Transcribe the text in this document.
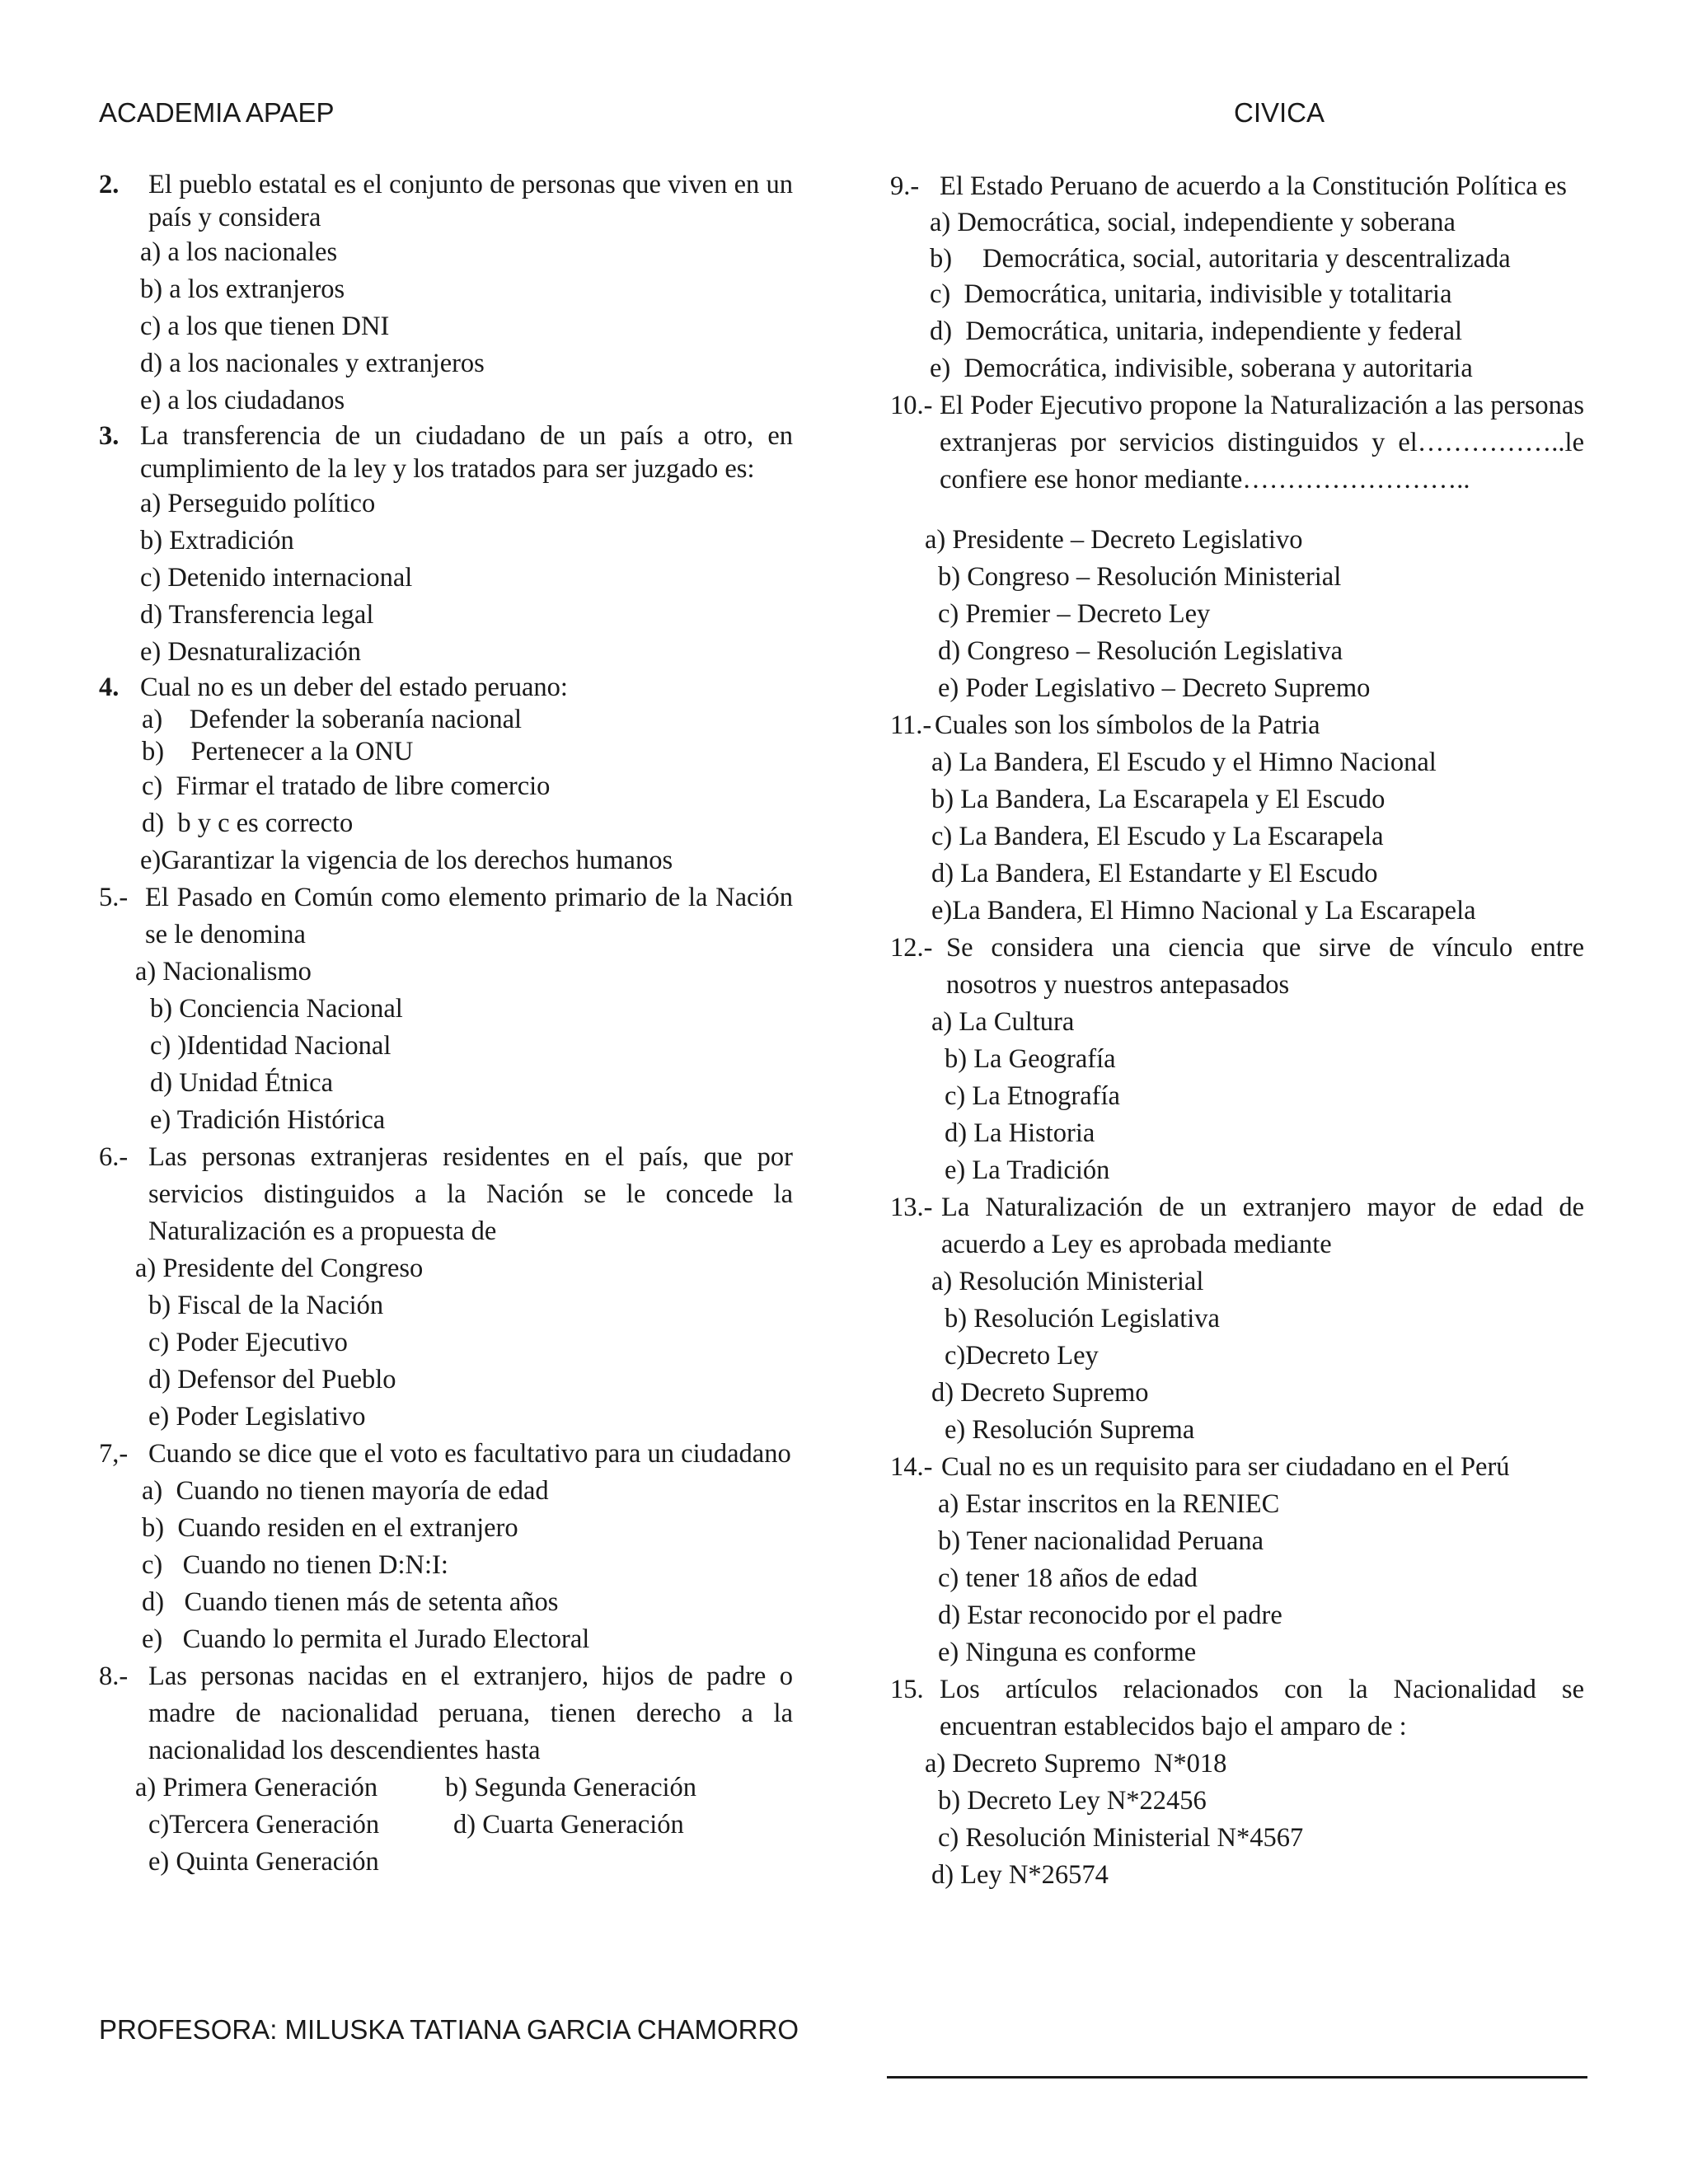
ACADEMIA APAEP	CIVICA
2.	El pueblo estatal es el conjunto de personas que viven en un país y considera
a) a los nacionales
b) a los extranjeros
c) a los que tienen DNI
d) a los nacionales y extranjeros
e) a los ciudadanos
3. La transferencia de un ciudadano de un país a otro, en cumplimiento de la ley y los tratados para ser juzgado es:
a) Perseguido político
b) Extradición
c) Detenido internacional
d) Transferencia legal
e) Desnaturalización
4. Cual no es un deber del estado peruano:
a)    Defender la soberanía nacional
b)    Pertenecer a la ONU
c)  Firmar el tratado de libre comercio
d)  b y c es correcto
e)Garantizar la vigencia de los derechos humanos
5.- El Pasado en Común como elemento primario de la Nación se le denomina
a) Nacionalismo
b) Conciencia Nacional
c) )Identidad Nacional
d) Unidad Étnica
e) Tradición Histórica
6.- Las personas extranjeras residentes en el país, que por servicios distinguidos a la Nación se le concede la Naturalización es a propuesta de
a) Presidente del Congreso
b) Fiscal de la Nación
c) Poder Ejecutivo
d) Defensor del Pueblo
e) Poder Legislativo
7,- Cuando se dice que el voto es facultativo para un ciudadano
a)  Cuando no tienen mayoría de edad
b)  Cuando residen en el extranjero
c)   Cuando no tienen D:N:I:
d)   Cuando tienen más de setenta años
e)   Cuando lo permita el Jurado Electoral
8.- Las personas nacidas en el extranjero, hijos de padre o madre de nacionalidad peruana, tienen derecho a la nacionalidad los descendientes hasta
a) Primera Generación	b) Segunda Generación
c)Tercera Generación	d) Cuarta Generación
e) Quinta Generación
9.- El Estado Peruano de acuerdo a la Constitución Política es
a) Democrática, social, independiente y soberana
b)	Democrática, social, autoritaria y descentralizada
c)  Democrática, unitaria, indivisible y totalitaria
d)  Democrática, unitaria, independiente y federal
e)  Democrática, indivisible, soberana y autoritaria
10.- El Poder Ejecutivo propone la Naturalización a las personas extranjeras por servicios distinguidos y el……………..le confiere ese honor mediante……………………..
a) Presidente – Decreto Legislativo
b) Congreso – Resolución Ministerial
c) Premier – Decreto Ley
d) Congreso – Resolución Legislativa
e) Poder Legislativo – Decreto Supremo
11.- Cuales son los símbolos de la Patria
a) La Bandera, El Escudo y el Himno Nacional
b) La Bandera, La Escarapela y El Escudo
c) La Bandera, El Escudo y La Escarapela
d) La Bandera, El Estandarte y El Escudo
e)La Bandera, El Himno Nacional y La Escarapela
12.- Se considera una ciencia que sirve de vínculo entre nosotros y nuestros antepasados
a) La Cultura
b) La Geografía
c) La Etnografía
d) La Historia
e) La Tradición
13.- La Naturalización de un extranjero mayor de edad de acuerdo a Ley es aprobada mediante
a) Resolución Ministerial
b) Resolución Legislativa
c)Decreto Ley
d) Decreto Supremo
e) Resolución Suprema
14.- Cual no es un requisito para ser ciudadano en el Perú
a) Estar inscritos en la RENIEC
b) Tener nacionalidad Peruana
c) tener 18 años de edad
d) Estar reconocido por el padre
e) Ninguna es conforme
15. Los artículos relacionados con la Nacionalidad se encuentran establecidos bajo el amparo de :
a) Decreto Supremo  N*018
b) Decreto Ley N*22456
c) Resolución Ministerial N*4567
d) Ley N*26574
PROFESORA: MILUSKA TATIANA GARCIA CHAMORRO
